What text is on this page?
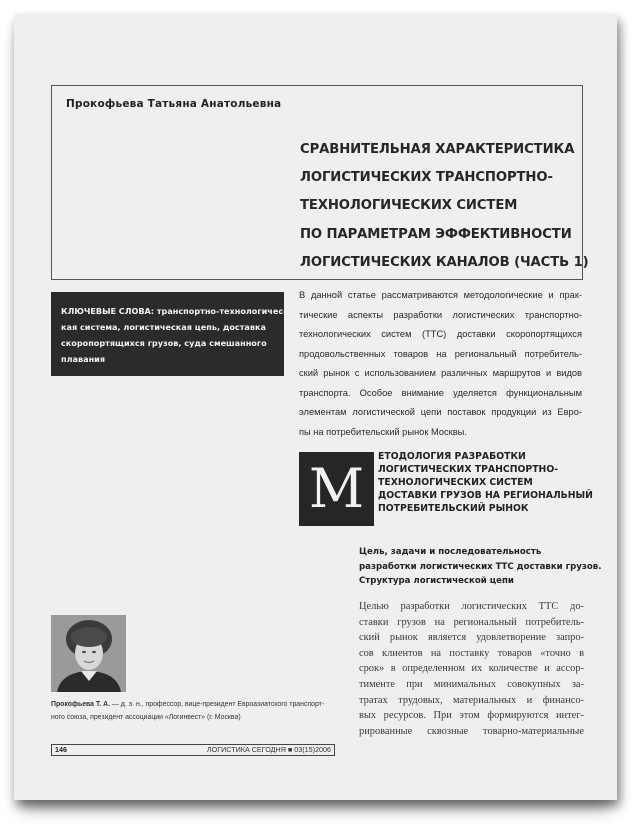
Прокофьева Татьяна Анатольевна
СРАВНИТЕЛЬНАЯ ХАРАКТЕРИСТИКА
ЛОГИСТИЧЕСКИХ ТРАНСПОРТНО-
ТЕХНОЛОГИЧЕСКИХ СИСТЕМ
ПО ПАРАМЕТРАМ ЭФФЕКТИВНОСТИ
ЛОГИСТИЧЕСКИХ КАНАЛОВ (ЧАСТЬ 1)
КЛЮЧЕВЫЕ СЛОВА: транспортно-технологичес-
кая система, логистическая цепь, доставка
скоропортящихся грузов, суда смешанного
плавания
В данной статье рассматриваются методологические и прак-
тические аспекты разработки логистических транспортно-
технологических систем (ТТС) доставки скоропортящихся
продовольственных товаров на региональный потребитель-
ский рынок с использованием различных маршрутов и видов
транспорта. Особое внимание уделяется функциональным
элементам логистической цепи поставок продукции из Евро-
пы на потребительский рынок Москвы.
М
ЕТОДОЛОГИЯ РАЗРАБОТКИ
ЛОГИСТИЧЕСКИХ ТРАНСПОРТНО-
ТЕХНОЛОГИЧЕСКИХ СИСТЕМ
ДОСТАВКИ ГРУЗОВ НА РЕГИОНАЛЬНЫЙ
ПОТРЕБИТЕЛЬСКИЙ РЫНОК
Цель, задачи и последовательность
разработки логистических ТТС доставки грузов.
Структура логистической цепи
Целью разработки логистических ТТС до-
ставки грузов на региональный потребитель-
ский рынок является удовлетворение запро-
сов клиентов на поставку товаров «точно в
срок» в определенном их количестве и ассор-
тименте при минимальных совокупных за-
тратах трудовых, материальных и финансо-
вых ресурсов. При этом формируются интег-
рированные сквозные товарно-материальные
Прокофьева Т. А. — д. э. н., профессор, вице-президент Евроазиатского транспорт-
ного союза, президент ассоциации «Логинвест» (г. Москва)
146	ЛОГИСТИКА СЕГОДНЯ ■ 03(15)2006
